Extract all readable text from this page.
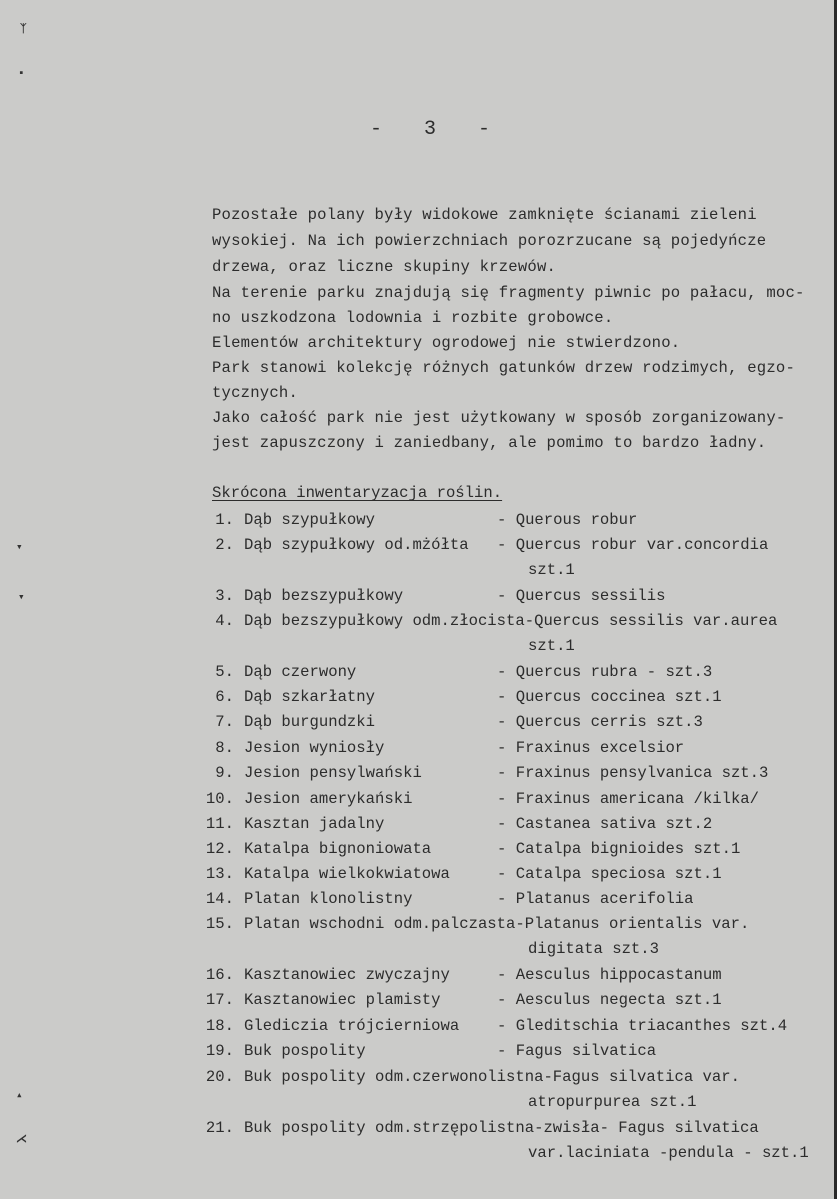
ᛉ
▪
▾
▾
▴
⋌
-  3  -
Pozostałe polany były widokowe zamknięte ścianami zieleni
wysokiej. Na ich powierzchniach porozrzucane są pojedyńcze
drzewa, oraz liczne skupiny krzewów.
Na terenie parku znajdują się fragmenty piwnic po pałacu, moc-
no uszkodzona lodownia i rozbite grobowce.
Elementów architektury ogrodowej nie stwierdzono.
Park stanowi kolekcję różnych gatunków drzew rodzimych, egzo-
tycznych.
Jako całość park nie jest użytkowany w sposób zorganizowany-
jest zapuszczony i zaniedbany, ale pomimo to bardzo ładny.
Skrócona inwentaryzacja roślin.
1. Dąb szypułkowy	- Querous robur
2. Dąb szypułkowy od.mżółta - Quercus robur var.concordia
szt.1
3. Dąb bezszypułkowy	- Quercus sessilis
4. Dąb bezszypułkowy odm.złocista-Quercus sessilis var.aurea
szt.1
5. Dąb czerwony	- Quercus rubra - szt.3
6. Dąb szkarłatny	- Quercus coccinea szt.1
7. Dąb burgundzki	- Quercus cerris szt.3
8. Jesion wyniosły	- Fraxinus excelsior
9. Jesion pensylwański	- Fraxinus pensylvanica szt.3
10. Jesion amerykański	- Fraxinus americana /kilka/
11. Kasztan jadalny	- Castanea sativa szt.2
12. Katalpa bignoniowata	- Catalpa bignioides szt.1
13. Katalpa wielkokwiatowa	- Catalpa speciosa szt.1
14. Platan klonolistny	- Platanus acerifolia
15. Platan wschodni odm.palczasta-Platanus orientalis var.
digitata szt.3
16. Kasztanowiec zwyczajny	- Aesculus hippocastanum
17. Kasztanowiec plamisty	- Aesculus negecta szt.1
18. Gledicziа trójcierniowa - Gleditschia triacanthes szt.4
19. Buk pospolity	- Fagus silvatica
20. Buk pospolity odm.czerwonolistna-Fagus silvatica var.
atropurpurea szt.1
21. Buk pospolity odm.strzępolistna-zwisła- Fagus silvatica
var.laciniata -pendula - szt.1
